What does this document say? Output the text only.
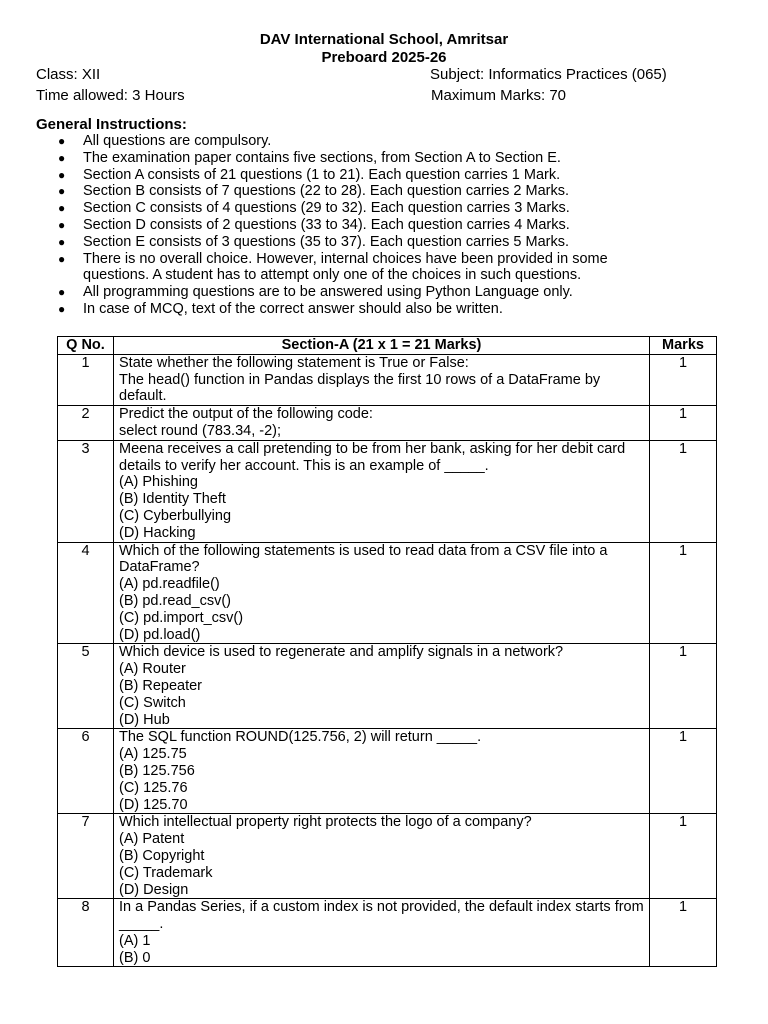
DAV International School, Amritsar
Preboard 2025-26
Class: XII	Subject: Informatics Practices (065)
Time allowed: 3 Hours	Maximum Marks: 70
General Instructions:
● All questions are compulsory.
● The examination paper contains five sections, from Section A to Section E.
● Section A consists of 21 questions (1 to 21). Each question carries 1 Mark.
● Section B consists of 7 questions (22 to 28). Each question carries 2 Marks.
● Section C consists of 4 questions (29 to 32). Each question carries 3 Marks.
● Section D consists of 2 questions (33 to 34). Each question carries 4 Marks.
● Section E consists of 3 questions (35 to 37). Each question carries 5 Marks.
● There is no overall choice. However, internal choices have been provided in some questions. A student has to attempt only one of the choices in such questions.
● All programming questions are to be answered using Python Language only.
● In case of MCQ, text of the correct answer should also be written.
Q No.	Section-A (21 x 1 = 21 Marks)	Marks
1	State whether the following statement is True or False:
The head() function in Pandas displays the first 10 rows of a DataFrame by default.	1
2	Predict the output of the following code:
select round (783.34, -2);	1
3	Meena receives a call pretending to be from her bank, asking for her debit card details to verify her account. This is an example of _____.
(A) Phishing
(B) Identity Theft
(C) Cyberbullying
(D) Hacking	1
4	Which of the following statements is used to read data from a CSV file into a DataFrame?
(A) pd.readfile()
(B) pd.read_csv()
(C) pd.import_csv()
(D) pd.load()	1
5	Which device is used to regenerate and amplify signals in a network?
(A) Router
(B) Repeater
(C) Switch
(D) Hub	1
6	The SQL function ROUND(125.756, 2) will return _____.
(A) 125.75
(B) 125.756
(C) 125.76
(D) 125.70	1
7	Which intellectual property right protects the logo of a company?
(A) Patent
(B) Copyright
(C) Trademark
(D) Design	1
8	In a Pandas Series, if a custom index is not provided, the default index starts from _____.
(A) 1
(B) 0	1
